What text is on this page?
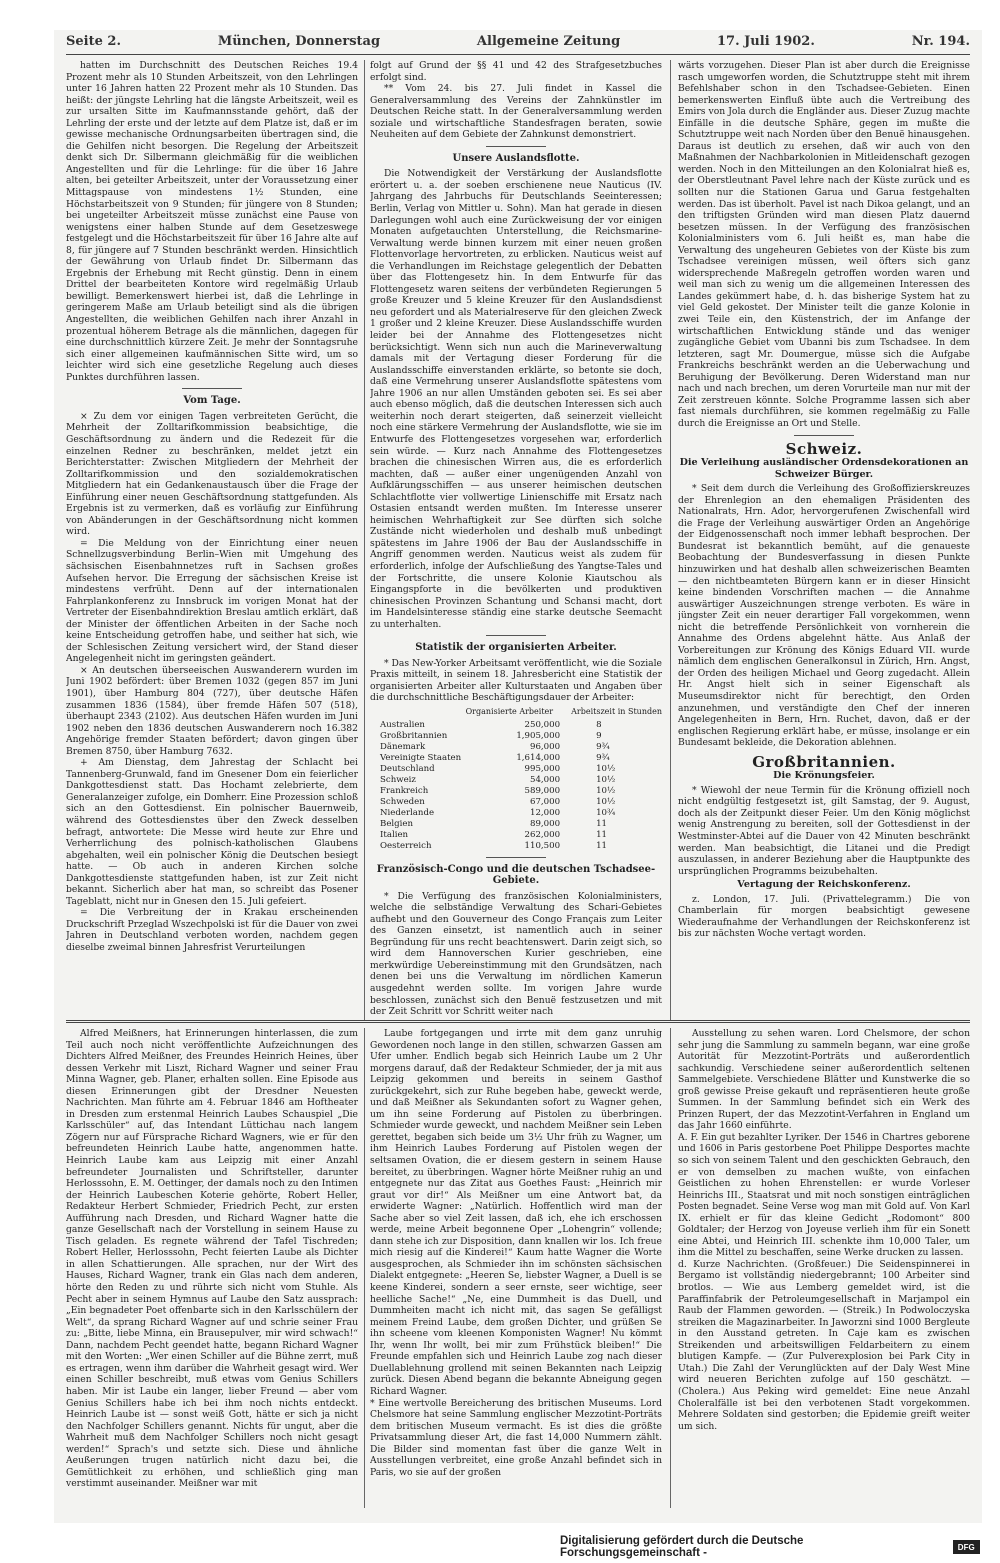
Seite 2.	München, Donnerstag	Allgemeine Zeitung	17. Juli 1902.	Nr. 194.

hatten im Durchschnitt des Deutschen Reiches 19.4 Prozent mehr als 10 Stunden Arbeitszeit, von den Lehrlingen unter 16 Jahren hatten 22 Prozent mehr als 10 Stunden. Das heißt: der jüngste Lehrling hat die längste Arbeitszeit, weil es zur ursalten Sitte im Kaufmannsstande gehört, daß der Lehrling der erste und der letzte auf dem Platze ist, daß er im gewisse mechanische Ordnungsarbeiten übertragen sind, die die Gehilfen nicht besorgen. Die Regelung der Arbeitszeit denkt sich Dr. Silbermann gleichmäßig für die weiblichen Angestellten und für die Lehrlinge: für die über 16 Jahre alten, bei geteilter Arbeitszeit, unter der Voraussetzung einer Mittagspause von mindestens 1½ Stunden, eine Höchstarbeitszeit von 9 Stunden; für jüngere von 8 Stunden; bei ungeteilter Arbeitszeit müsse zunächst eine Pause von wenigstens einer halben Stunde auf dem Gesetzeswege festgelegt und die Höchstarbeitszeit für über 16 Jahre alte auf 8, für jüngere auf 7 Stunden beschränkt werden. Hinsichtlich der Gewährung von Urlaub findet Dr. Silbermann das Ergebnis der Erhebung mit Recht günstig. Denn in einem Drittel der bearbeiteten Kontore wird regelmäßig Urlaub bewilligt. Bemerkenswert hierbei ist, daß die Lehrlinge in geringerem Maße am Urlaub beteiligt sind als die übrigen Angestellten, die weiblichen Gehilfen nach ihrer Anzahl in prozentual höherem Betrage als die männlichen, dagegen für eine durchschnittlich kürzere Zeit. Je mehr der Sonntagsruhe sich einer allgemeinen kaufmännischen Sitte wird, um so leichter wird sich eine gesetzliche Regelung auch dieses Punktes durchführen lassen.

Vom Tage.

× Zu dem vor einigen Tagen verbreiteten Gerücht, die Mehrheit der Zolltarifkommission beabsichtige, die Geschäftsordnung zu ändern und die Redezeit für die einzelnen Redner zu beschränken, meldet jetzt ein Berichterstatter: Zwischen Mitgliedern der Mehrheit der Zolltarifkommission und den sozialdemokratischen Mitgliedern hat ein Gedankenaustausch über die Frage der Einführung einer neuen Geschäftsordnung stattgefunden. Als Ergebnis ist zu vermerken, daß es vorläufig zur Einführung von Abänderungen in der Geschäftsordnung nicht kommen wird.

= Die Meldung von der Einrichtung einer neuen Schnellzugsverbindung Berlin–Wien mit Umgehung des sächsischen Eisenbahnnetzes ruft in Sachsen großes Aufsehen hervor. Die Erregung der sächsischen Kreise ist mindestens verfrüht. Denn auf der internationalen Fahrplankonferenz zu Innsbruck im vorigen Monat hat der Vertreter der Eisenbahndirektion Breslau amtlich erklärt, daß der Minister der öffentlichen Arbeiten in der Sache noch keine Entscheidung getroffen habe, und seither hat sich, wie der Schlesischen Zeitung versichert wird, der Stand dieser Angelegenheit nicht im geringsten geändert.

× An deutschen überseeischen Auswanderern wurden im Juni 1902 befördert: über Bremen 1032 (gegen 857 im Juni 1901), über Hamburg 804 (727), über deutsche Häfen zusammen 1836 (1584), über fremde Häfen 507 (518), überhaupt 2343 (2102). Aus deutschen Häfen wurden im Juni 1902 neben den 1836 deutschen Auswanderern noch 16.382 Angehörige fremder Staaten befördert; davon gingen über Bremen 8750, über Hamburg 7632.

+ Am Dienstag, dem Jahrestag der Schlacht bei Tannenberg-Grunwald, fand im Gnesener Dom ein feierlicher Dankgottesdienst statt. Das Hochamt zelebrierte, dem Generalanzeiger zufolge, ein Domherr. Eine Prozession schloß sich an den Gottesdienst. Ein polnischer Bauernweib, während des Gottesdienstes über den Zweck desselben befragt, antwortete: Die Messe wird heute zur Ehre und Verherrlichung des polnisch-katholischen Glaubens abgehalten, weil ein polnischer König die Deutschen besiegt hatte. — Ob auch in anderen Kirchen solche Dankgottesdienste stattgefunden haben, ist zur Zeit nicht bekannt. Sicherlich aber hat man, so schreibt das Posener Tageblatt, nicht nur in Gnesen den 15. Juli gefeiert.

= Die Verbreitung der in Krakau erscheinenden Druckschrift Przeglad Wszechpolski ist für die Dauer von zwei Jahren in Deutschland verboten worden, nachdem gegen dieselbe zweimal binnen Jahresfrist Verurteilungen

folgt auf Grund der §§ 41 und 42 des Strafgesetzbuches erfolgt sind.

** Vom 24. bis 27. Juli findet in Kassel die Generalversammlung des Vereins der Zahnkünstler im Deutschen Reiche statt. In der Generalversammlung werden soziale und wirtschaftliche Standesfragen beraten, sowie Neuheiten auf dem Gebiete der Zahnkunst demonstriert.

Unsere Auslandsflotte.

Die Notwendigkeit der Verstärkung der Auslandsflotte erörtert u. a. der soeben erschienene neue Nauticus (IV. Jahrgang des Jahrbuchs für Deutschlands Seeinteressen; Berlin, Verlag von Mittler u. Sohn). Man hat gerade in diesen Darlegungen wohl auch eine Zurückweisung der vor einigen Monaten aufgetauchten Unterstellung, die Reichsmarine-Verwaltung werde binnen kurzem mit einer neuen großen Flottenvorlage hervortreten, zu erblicken. Nauticus weist auf die Verhandlungen im Reichstage gelegentlich der Debatten über das Flottengesetz hin. In dem Entwurfe für das Flottengesetz waren seitens der verbündeten Regierungen 5 große Kreuzer und 5 kleine Kreuzer für den Auslandsdienst neu gefordert und als Materialreserve für den gleichen Zweck 1 großer und 2 kleine Kreuzer. Diese Auslandsschiffe wurden leider bei der Annahme des Flottengesetzes nicht berücksichtigt. Wenn sich nun auch die Marineverwaltung damals mit der Vertagung dieser Forderung für die Auslandsschiffe einverstanden erklärte, so betonte sie doch, daß eine Vermehrung unserer Auslandsflotte spätestens vom Jahre 1906 an nur allen Umständen geboten sei. Es sei aber auch ebenso möglich, daß die deutschen Interessen sich auch weiterhin noch derart steigerten, daß seinerzeit vielleicht noch eine stärkere Vermehrung der Auslandsflotte, wie sie im Entwurfe des Flottengesetzes vorgesehen war, erforderlich sein würde. — Kurz nach Annahme des Flottengesetzes brachen die chinesischen Wirren aus, die es erforderlich machten, daß — außer einer ungenügenden Anzahl von Aufklärungsschiffen — aus unserer heimischen deutschen Schlachtflotte vier vollwertige Linienschiffe mit Ersatz nach Ostasien entsandt werden mußten. Im Interesse unserer heimischen Wehrhaftigkeit zur See dürften sich solche Zustände nicht wiederholen und deshalb muß unbedingt spätestens im Jahre 1906 der Bau der Auslandsschiffe in Angriff genommen werden. Nauticus weist als zudem für erforderlich, infolge der Aufschließung des Yangtse-Tales und der Fortschritte, die unsere Kolonie Kiautschou als Eingangspforte in die bevölkerten und produktiven chinesischen Provinzen Schantung und Schansi macht, dort im Handelsinteresse ständig eine starke deutsche Seemacht zu unterhalten.

Statistik der organisierten Arbeiter.

* Das New-Yorker Arbeitsamt veröffentlicht, wie die Soziale Praxis mitteilt, in seinem 18. Jahresbericht eine Statistik der organisierten Arbeiter aller Kulturstaaten und Angaben über die durchschnittliche Beschäftigungsdauer der Arbeiter:

Organisierte Arbeiter Arbeitszeit in Stunden
Australien	250,000	8
Großbritannien	1,905,000	9
Dänemark	96,000	9¾
Vereinigte Staaten	1,614,000	9¾
Deutschland	995,000	10½
Schweiz	54,000	10½
Frankreich	589,000	10½
Schweden	67,000	10½
Niederlande	12,000	10¾
Belgien	89,000	11
Italien	262,000	11
Oesterreich	110,500	11
Französisch-Congo und die deutschen Tschadsee-Gebiete.

* Die Verfügung des französischen Kolonialministers, welche die selbständige Verwaltung des Schari-Gebietes aufhebt und den Gouverneur des Congo Français zum Leiter des Ganzen einsetzt, ist namentlich auch in seiner Begründung für uns recht beachtenswert. Darin zeigt sich, so wird dem Hannoverschen Kurier geschrieben, eine merkwürdige Uebereinstimmung mit den Grundsätzen, nach denen bei uns die Verwaltung im nördlichen Kamerun ausgedehnt werden sollte. Im vorigen Jahre wurde beschlossen, zunächst sich den Benuë festzusetzen und mit der Zeit Schritt vor Schritt weiter nach

wärts vorzugehen. Dieser Plan ist aber durch die Ereignisse rasch umgeworfen worden, die Schutztruppe steht mit ihrem Befehlshaber schon in den Tschadsee-Gebieten. Einen bemerkenswerten Einfluß übte auch die Vertreibung des Emirs von Jola durch die Engländer aus. Dieser Zuzug machte Einfälle in die deutsche Sphäre, gegen im mußte die Schutztruppe weit nach Norden über den Benuë hinausgehen. Daraus ist deutlich zu ersehen, daß wir auch von den Maßnahmen der Nachbarkolonien in Mitleidenschaft gezogen werden. Noch in den Mitteilungen an den Kolonialrat hieß es, der Oberstleutnant Pavel lehre nach der Küste zurück und es sollten nur die Stationen Garua und Garua festgehalten werden. Das ist überholt. Pavel ist nach Dikoa gelangt, und an den triftigsten Gründen wird man diesen Platz dauernd besetzen müssen. In der Verfügung des französischen Kolonialministers vom 6. Juli heißt es, man habe die Verwaltung des ungeheuren Gebietes von der Küste bis zum Tschadsee vereinigen müssen, weil öfters sich ganz widersprechende Maßregeln getroffen worden waren und weil man sich zu wenig um die allgemeinen Interessen des Landes gekümmert habe, d. h. das bisherige System hat zu viel Geld gekostet. Der Minister teilt die ganze Kolonie in zwei Teile ein, den Küstenstrich, der im Anfange der wirtschaftlichen Entwicklung stände und das weniger zugängliche Gebiet vom Ubanni bis zum Tschadsee. In dem letzteren, sagt Mr. Doumergue, müsse sich die Aufgabe Frankreichs beschränkt werden an die Ueberwachung und Beruhigung der Bevölkerung. Deren Widerstand man nur nach und nach brechen, um deren Vorurteile man nur mit der Zeit zerstreuen könnte. Solche Programme lassen sich aber fast niemals durchführen, sie kommen regelmäßig zu Falle durch die Ereignisse an Ort und Stelle.

Schweiz.
Die Verleihung ausländischer Ordensdekorationen an Schweizer Bürger.

* Seit dem durch die Verleihung des Großoffizierskreuzes der Ehrenlegion an den ehemaligen Präsidenten des Nationalrats, Hrn. Ador, hervorgerufenen Zwischenfall wird die Frage der Verleihung auswärtiger Orden an Angehörige der Eidgenossenschaft noch immer lebhaft besprochen. Der Bundesrat ist bekanntlich bemüht, auf die genaueste Beobachtung der Bundesverfassung in diesen Punkte hinzuwirken und hat deshalb allen schweizerischen Beamten — den nichtbeamteten Bürgern kann er in dieser Hinsicht keine bindenden Vorschriften machen — die Annahme auswärtiger Auszeichnungen strenge verboten. Es wäre in jüngster Zeit ein neuer derartiger Fall vorgekommen, wenn nicht die betreffende Persönlichkeit von vornherein die Annahme des Ordens abgelehnt hätte. Aus Anlaß der Vorbereitungen zur Krönung des Königs Eduard VII. wurde nämlich dem englischen Generalkonsul in Zürich, Hrn. Angst, der Orden des heiligen Michael und Georg zugedacht. Allein Hr. Angst hielt sich in seiner Eigenschaft als Museumsdirektor nicht für berechtigt, den Orden anzunehmen, und verständigte den Chef der inneren Angelegenheiten in Bern, Hrn. Ruchet, davon, daß er der englischen Regierung erklärt habe, er müsse, insolange er ein Bundesamt bekleide, die Dekoration ablehnen.

Großbritannien.
Die Krönungsfeier.

* Wiewohl der neue Termin für die Krönung offiziell noch nicht endgültig festgesetzt ist, gilt Samstag, der 9. August, doch als der Zeitpunkt dieser Feier. Um den König möglichst wenig Anstrengung zu bereiten, soll der Gottesdienst in der Westminster-Abtei auf die Dauer von 42 Minuten beschränkt werden. Man beabsichtigt, die Litanei und die Predigt auszulassen, in anderer Beziehung aber die Hauptpunkte des ursprünglichen Programms beizubehalten.

Vertagung der Reichskonferenz.

z. London, 17. Juli. (Privattelegramm.) Die von Chamberlain für morgen beabsichtigt gewesene Wiederaufnahme der Verhandlungen der Reichskonferenz ist bis zur nächsten Woche vertagt worden.

Alfred Meißners, hat Erinnerungen hinterlassen, die zum Teil auch noch nicht veröffentlichte Aufzeichnungen des Dichters Alfred Meißner, des Freundes Heinrich Heines, über dessen Verkehr mit Liszt, Richard Wagner und seiner Frau Minna Wagner, geb. Planer, erhalten sollen. Eine Episode aus diesen Erinnerungen gibt der Dresdner Neuesten Nachrichten. Man führte am 4. Februar 1846 am Hoftheater in Dresden zum erstenmal Heinrich Laubes Schauspiel „Die Karlsschüler“ auf, das Intendant Lüttichau nach langem Zögern nur auf Fürsprache Richard Wagners, wie er für den befreundeten Heinrich Laube hatte, angenommen hatte. Heinrich Laube kam aus Leipzig mit einer Anzahl befreundeter Journalisten und Schriftsteller, darunter Herlosssohn, E. M. Oettinger, der damals noch zu den Intimen der Heinrich Laubeschen Koterie gehörte, Robert Heller, Redakteur Herbert Schmieder, Friedrich Pecht, zur ersten Aufführung nach Dresden, und Richard Wagner hatte die ganze Gesellschaft nach der Vorstellung in seinem Hause zu Tisch geladen. Es regnete während der Tafel Tischreden; Robert Heller, Herlosssohn, Pecht feierten Laube als Dichter in allen Schattierungen. Alle sprachen, nur der Wirt des Hauses, Richard Wagner, trank ein Glas nach dem anderen, hörte den Reden zu und rührte sich nicht vom Stuhle. Als Pecht aber in seinem Hymnus auf Laube den Satz aussprach: „Ein begnadeter Poet offenbarte sich in den Karlsschülern der Welt“, da sprang Richard Wagner auf und schrie seiner Frau zu: „Bitte, liebe Minna, ein Brausepulver, mir wird schwach!“ Dann, nachdem Pecht geendet hatte, begann Richard Wagner mit den Worten: „Wer einen Schiller auf die Bühne zerrt, muß es ertragen, wenn ihm darüber die Wahrheit gesagt wird. Wer einen Schiller beschreibt, muß etwas vom Genius Schillers haben. Mir ist Laube ein langer, lieber Freund — aber vom Genius Schillers habe ich bei ihm noch nichts entdeckt. Heinrich Laube ist — sonst weiß Gott, hätte er sich ja nicht den Nachfolger Schillers genannt. Nichts für ungut, aber die Wahrheit muß dem Nachfolger Schillers noch nicht gesagt werden!“ Sprach's und setzte sich. Diese und ähnliche Aeußerungen trugen natürlich nicht dazu bei, die Gemütlichkeit zu erhöhen, und schließlich ging man verstimmt auseinander. Meißner war mit

Laube fortgegangen und irrte mit dem ganz unruhig Gewordenen noch lange in den stillen, schwarzen Gassen am Ufer umher. Endlich begab sich Heinrich Laube um 2 Uhr morgens darauf, daß der Redakteur Schmieder, der ja mit aus Leipzig gekommen und bereits in seinem Gasthof zurückgekehrt, sich zur Ruhe begeben habe, geweckt werde, und daß Meißner als Sekundanten sofort zu Wagner gehen, um ihn seine Forderung auf Pistolen zu überbringen. Schmieder wurde geweckt, und nachdem Meißner sein Leben gerettet, begaben sich beide um 3½ Uhr früh zu Wagner, um ihm Heinrich Laubes Forderung auf Pistolen wegen der seltsamen Ovation, die er diesem gestern in seinem Hause bereitet, zu überbringen. Wagner hörte Meißner ruhig an und entgegnete nur das Zitat aus Goethes Faust: „Heinrich mir graut vor dir!“ Als Meißner um eine Antwort bat, da erwiderte Wagner: „Natürlich. Hoffentlich wird man der Sache aber so viel Zeit lassen, daß ich, ehe ich erschossen werde, meine Arbeit begonnene Oper „Lohengrin“ vollende; dann stehe ich zur Disposition, dann knallen wir los. Ich freue mich riesig auf die Kinderei!“ Kaum hatte Wagner die Worte ausgesprochen, als Schmieder ihn im schönsten sächsischen Dialekt entgegnete: „Heeren Se, liebster Wagner, a Duell is se keene Kinderei, sondern a seer ernste, seer wichtige, seer heelliche Sache!“ „Ne, eine Dummheit is das Duell, und Dummheiten macht ich nicht mit, das sagen Se gefälligst meinem Freind Laube, dem großen Dichter, und grüßen Se ihn scheene vom kleenen Komponisten Wagner! Nu kömmt Ihr, wenn Ihr wollt, bei mir zum Frühstück bleiben!“ Die Freunde empfahlen sich und Heinrich Laube zog nach dieser Duellablehnung grollend mit seinen Bekannten nach Leipzig zurück. Diesen Abend begann die bekannte Abneigung gegen Richard Wagner.
* Eine wertvolle Bereicherung des britischen Museums. Lord Chelsmore hat seine Sammlung englischer Mezzotint-Porträts dem britischen Museum vermacht. Es ist dies die größte Privatsammlung dieser Art, die fast 14,000 Nummern zählt. Die Bilder sind momentan fast über die ganze Welt in Ausstellungen verbreitet, eine große Anzahl befindet sich in Paris, wo sie auf der großen

Ausstellung zu sehen waren. Lord Chelsmore, der schon sehr jung die Sammlung zu sammeln begann, war eine große Autorität für Mezzotint-Porträts und außerordentlich sachkundig. Verschiedene seiner außerordentlich seltenen Sammelgebiete. Verschiedene Blätter und Kunstwerke die so groß gewisse Preise gekauft und repräsentieren heute große Summen. In der Sammlung befindet sich ein Werk des Prinzen Rupert, der das Mezzotint-Verfahren in England um das Jahr 1660 einführte.
A. F. Ein gut bezahlter Lyriker. Der 1546 in Chartres geborene und 1606 in Paris gestorbene Poet Philippe Desportes machte so sich von seinem Talent und den geschickten Gebrauch, den er von demselben zu machen wußte, von einfachen Geistlichen zu hohen Ehrenstellen: er wurde Vorleser Heinrichs III., Staatsrat und mit noch sonstigen einträglichen Posten begnadet. Seine Verse wog man mit Gold auf. Von Karl IX. erhielt er für das kleine Gedicht „Rodomont“ 800 Goldtaler; der Herzog von Joyeuse verlieh ihm für ein Sonett eine Abtei, und Heinrich III. schenkte ihm 10,000 Taler, um ihm die Mittel zu beschaffen, seine Werke drucken zu lassen.
d. Kurze Nachrichten. (Großfeuer.) Die Seidenspinnerei in Bergamo ist vollständig niedergebrannt; 100 Arbeiter sind brotlos. — Wie aus Lemberg gemeldet wird, ist die Paraffinfabrik der Petroleumgesellschaft in Marjampol ein Raub der Flammen geworden. — (Streik.) In Podwoloczyska streiken die Magazinarbeiter. In Jaworzni sind 1000 Bergleute in den Ausstand getreten. In Caje kam es zwischen Streikenden und arbeitswilligen Feldarbeitern zu einem blutigen Kampfe. — (Zur Pulverexplosion bei Park City in Utah.) Die Zahl der Verunglückten auf der Daly West Mine wird neueren Berichten zufolge auf 150 geschätzt. — (Cholera.) Aus Peking wird gemeldet: Eine neue Anzahl Choleralfälle ist bei den verbotenen Stadt vorgekommen. Mehrere Soldaten sind gestorben; die Epidemie greift weiter um sich.

Digitalisierung gefördert durch die Deutsche Forschungsgemeinschaft -	DFG
